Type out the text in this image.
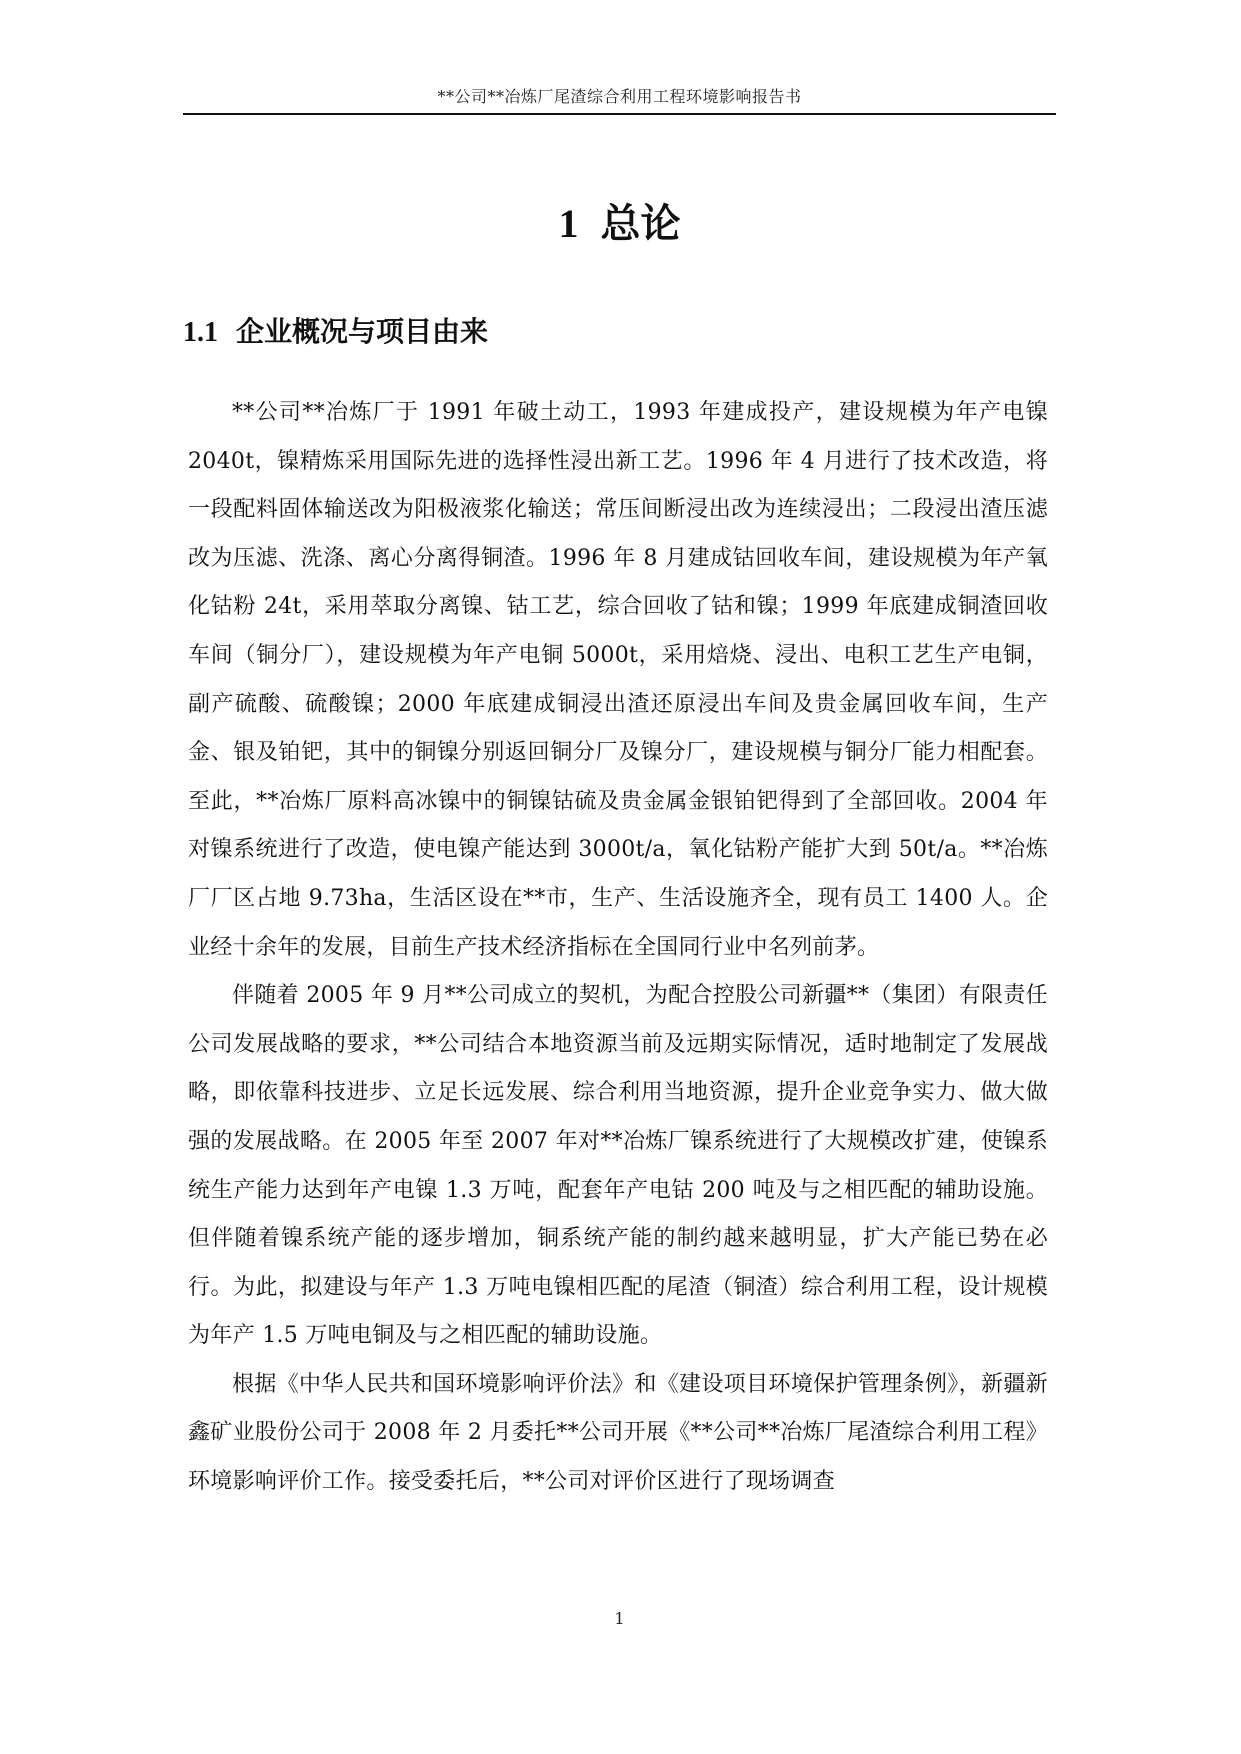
**公司**冶炼厂尾渣综合利用工程环境影响报告书
1 总论
1.1 企业概况与项目由来

**公司**冶炼厂于 1991 年破土动工，1993 年建成投产，建设规模为年产电镍 2040t，镍精炼采用国际先进的选择性浸出新工艺。1996 年 4 月进行了技术改造，将一段配料固体输送改为阳极液浆化输送；常压间断浸出改为连续浸出；二段浸出渣压滤改为压滤、洗涤、离心分离得铜渣。1996 年 8 月建成钴回收车间，建设规模为年产氧化钴粉 24t，采用萃取分离镍、钴工艺，综合回收了钴和镍；1999 年底建成铜渣回收车间（铜分厂），建设规模为年产电铜 5000t，采用焙烧、浸出、电积工艺生产电铜，副产硫酸、硫酸镍；2000 年底建成铜浸出渣还原浸出车间及贵金属回收车间，生产金、银及铂钯，其中的铜镍分别返回铜分厂及镍分厂，建设规模与铜分厂能力相配套。至此，**冶炼厂原料高冰镍中的铜镍钴硫及贵金属金银铂钯得到了全部回收。2004 年对镍系统进行了改造，使电镍产能达到 3000t/a，氧化钴粉产能扩大到 50t/a。**冶炼厂厂区占地 9.73ha，生活区设在**市，生产、生活设施齐全，现有员工 1400 人。企业经十余年的发展，目前生产技术经济指标在全国同行业中名列前茅。

伴随着 2005 年 9 月**公司成立的契机，为配合控股公司新疆**（集团）有限责任公司发展战略的要求，**公司结合本地资源当前及远期实际情况，适时地制定了发展战略，即依靠科技进步、立足长远发展、综合利用当地资源，提升企业竞争实力、做大做强的发展战略。在 2005 年至 2007 年对**冶炼厂镍系统进行了大规模改扩建，使镍系统生产能力达到年产电镍 1.3 万吨，配套年产电钴 200 吨及与之相匹配的辅助设施。但伴随着镍系统产能的逐步增加，铜系统产能的制约越来越明显，扩大产能已势在必行。为此，拟建设与年产 1.3 万吨电镍相匹配的尾渣（铜渣）综合利用工程，设计规模为年产 1.5 万吨电铜及与之相匹配的辅助设施。

根据《中华人民共和国环境影响评价法》和《建设项目环境保护管理条例》，新疆新鑫矿业股份公司于 2008 年 2 月委托**公司开展《**公司**冶炼厂尾渣综合利用工程》环境影响评价工作。接受委托后，**公司对评价区进行了现场调查

1
